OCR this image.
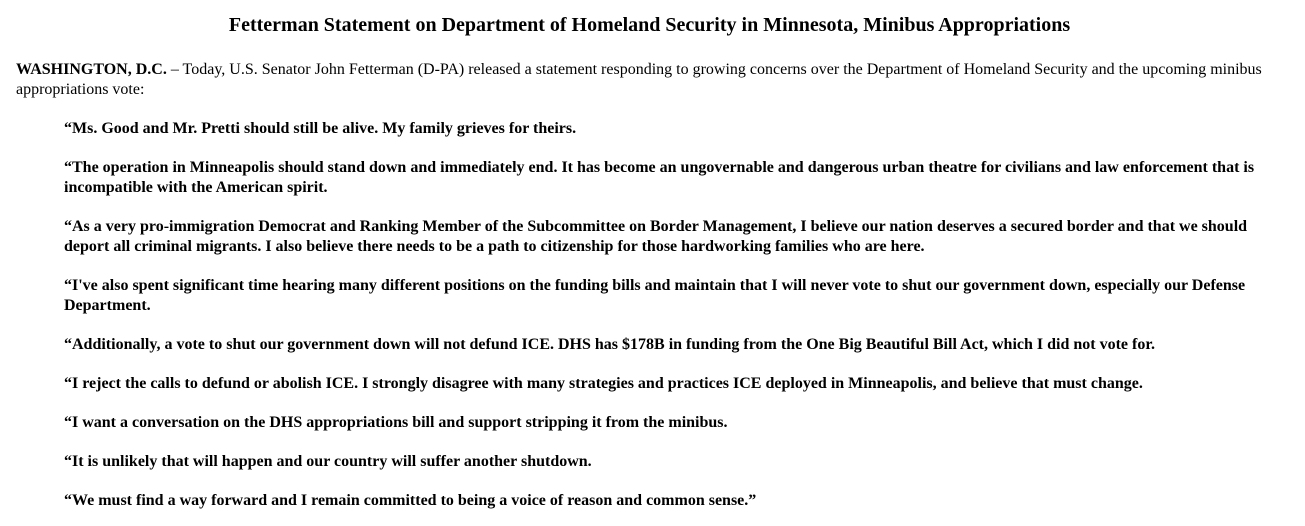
Fetterman Statement on Department of Homeland Security in Minnesota, Minibus Appropriations

WASHINGTON, D.C. – Today, U.S. Senator John Fetterman (D-PA) released a statement responding to growing concerns over the Department of Homeland Security and the upcoming minibus appropriations vote:

“Ms. Good and Mr. Pretti should still be alive. My family grieves for theirs.

“The operation in Minneapolis should stand down and immediately end. It has become an ungovernable and dangerous urban theatre for civilians and law enforcement that is incompatible with the American spirit.

“As a very pro-immigration Democrat and Ranking Member of the Subcommittee on Border Management, I believe our nation deserves a secured border and that we should deport all criminal migrants. I also believe there needs to be a path to citizenship for those hardworking families who are here.

“I've also spent significant time hearing many different positions on the funding bills and maintain that I will never vote to shut our government down, especially our Defense Department.

“Additionally, a vote to shut our government down will not defund ICE. DHS has $178B in funding from the One Big Beautiful Bill Act, which I did not vote for.

“I reject the calls to defund or abolish ICE. I strongly disagree with many strategies and practices ICE deployed in Minneapolis, and believe that must change.

“I want a conversation on the DHS appropriations bill and support stripping it from the minibus.

“It is unlikely that will happen and our country will suffer another shutdown.

“We must find a way forward and I remain committed to being a voice of reason and common sense.”
